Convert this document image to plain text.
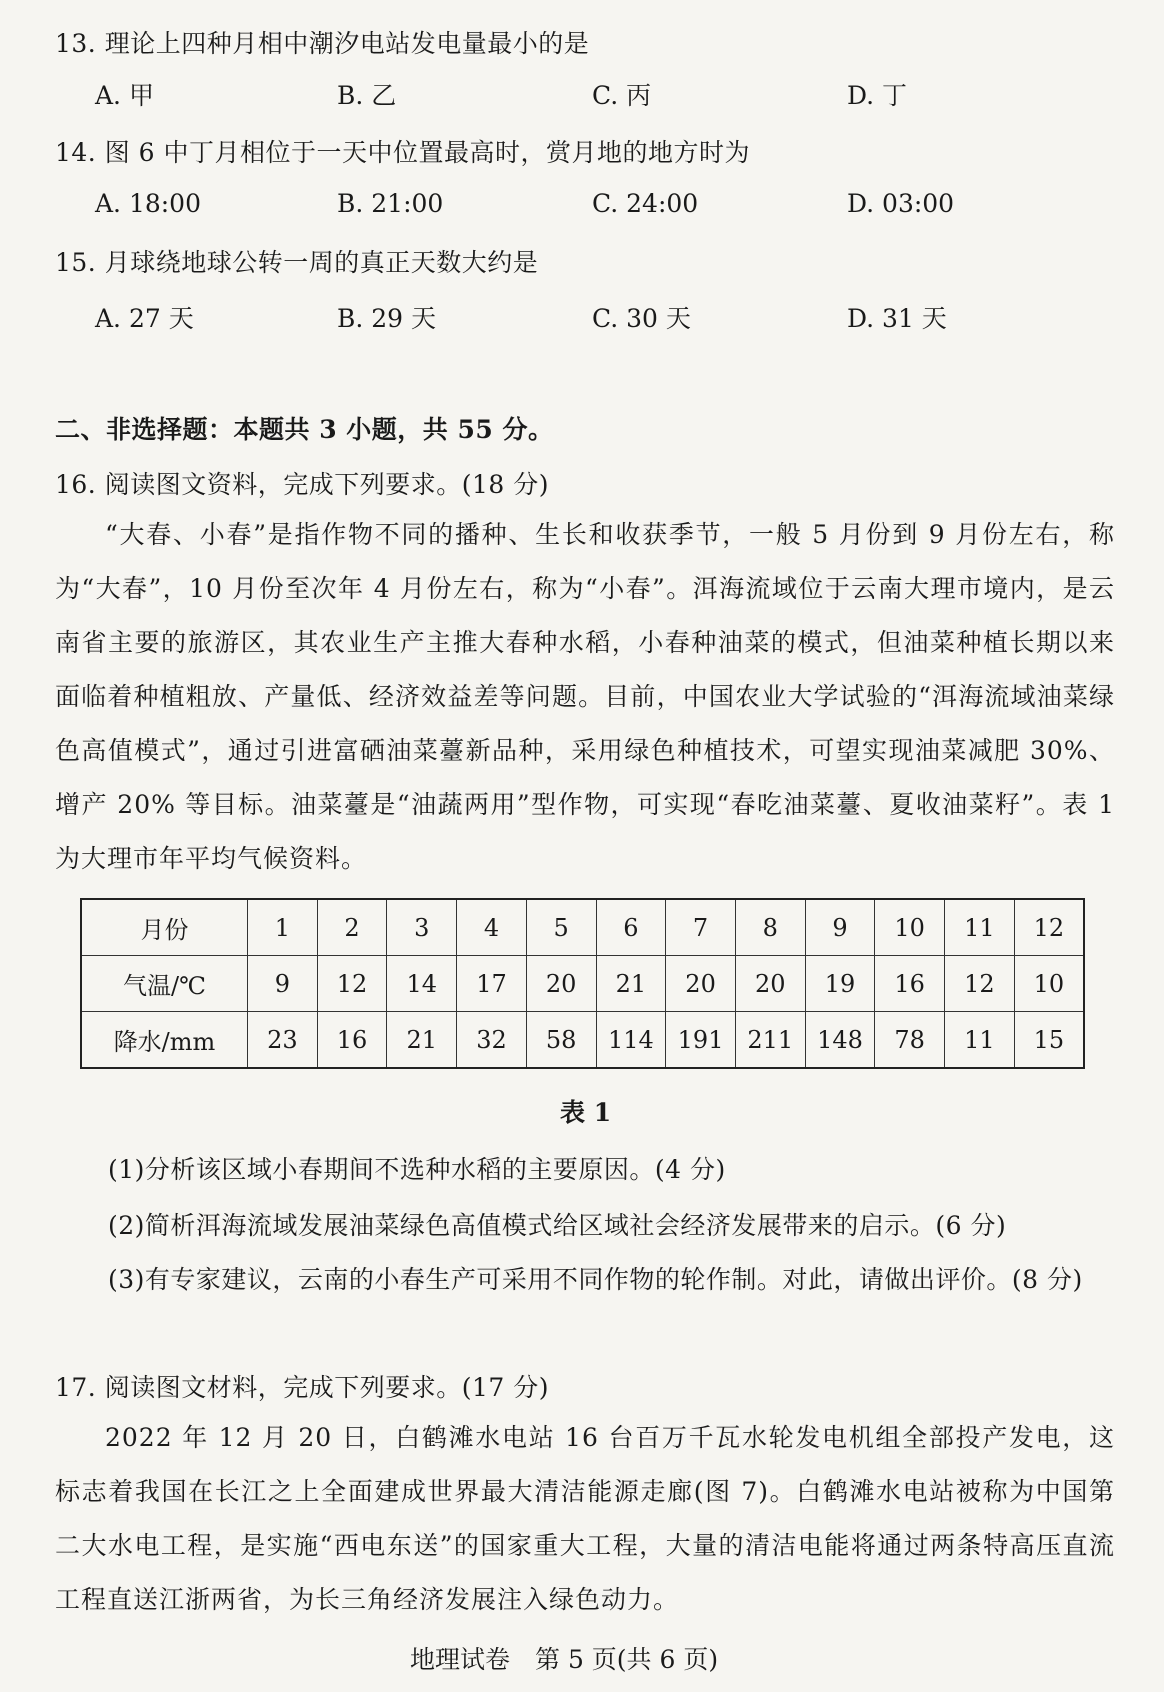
13. 理论上四种月相中潮汐电站发电量最小的是
A. 甲	B. 乙	C. 丙	D. 丁
14. 图 6 中丁月相位于一天中位置最高时，赏月地的地方时为
A. 18:00	B. 21:00	C. 24:00	D. 03:00
15. 月球绕地球公转一周的真正天数大约是
A. 27 天	B. 29 天	C. 30 天	D. 31 天
二、非选择题：本题共 3 小题，共 55 分。
16. 阅读图文资料，完成下列要求。(18 分)
“大春、小春”是指作物不同的播种、生长和收获季节，一般 5 月份到 9 月份左右，称为“大春”，10 月份至次年 4 月份左右，称为“小春”。洱海流域位于云南大理市境内，是云南省主要的旅游区，其农业生产主推大春种水稻，小春种油菜的模式，但油菜种植长期以来面临着种植粗放、产量低、经济效益差等问题。目前，中国农业大学试验的“洱海流域油菜绿色高值模式”，通过引进富硒油菜薹新品种，采用绿色种植技术，可望实现油菜减肥 30%、增产 20% 等目标。油菜薹是“油蔬两用”型作物，可实现“春吃油菜薹、夏收油菜籽”。表 1 为大理市年平均气候资料。
月份	1	2	3	4	5	6	7	8	9	10	11	12
气温/℃	9	12	14	17	20	21	20	20	19	16	12	10
降水/mm	23	16	21	32	58	114	191	211	148	78	11	15
表 1
(1)分析该区域小春期间不选种水稻的主要原因。(4 分)
(2)简析洱海流域发展油菜绿色高值模式给区域社会经济发展带来的启示。(6 分)
(3)有专家建议，云南的小春生产可采用不同作物的轮作制。对此，请做出评价。(8 分)
17. 阅读图文材料，完成下列要求。(17 分)
2022 年 12 月 20 日，白鹤滩水电站 16 台百万千瓦水轮发电机组全部投产发电，这标志着我国在长江之上全面建成世界最大清洁能源走廊(图 7)。白鹤滩水电站被称为中国第二大水电工程，是实施“西电东送”的国家重大工程，大量的清洁电能将通过两条特高压直流工程直送江浙两省，为长三角经济发展注入绿色动力。
地理试卷　第 5 页(共 6 页)
